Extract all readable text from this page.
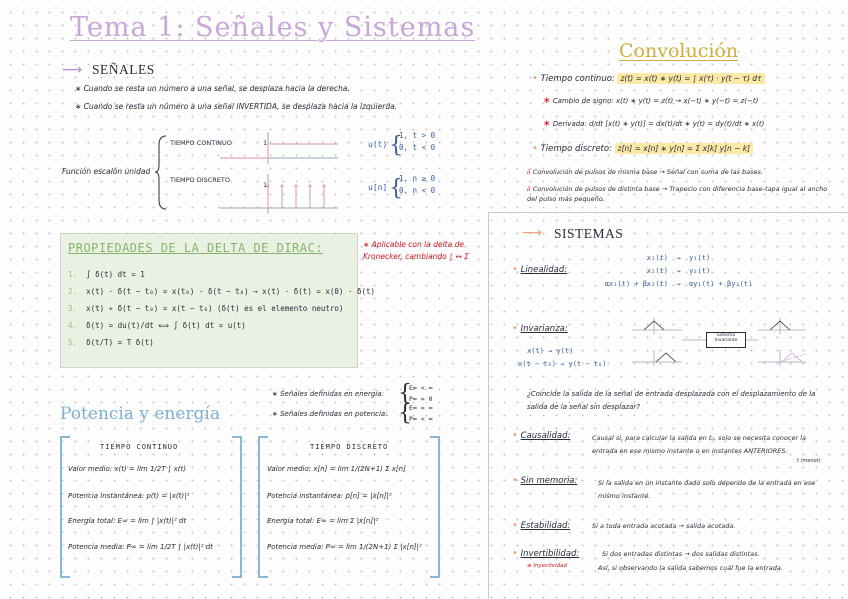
Tema 1: Señales y Sistemas
⟶ SEÑALES
∗ Cuando se resta un número a una señal, se desplaza hacia la derecha.
∗ Cuando se resta un número a una señal INVERTIDA, se desplaza hacia la izquierda.
Función escalón unidad
TIEMPO CONTINUO
TIEMPO DISCRETO
1
1
u(t) {
1, t > 0
0, t < 0
u[n] {
1, n ≥ 0
0, n < 0
PROPIEDADES DE LA DELTA DE DIRAC:
1. ∫ δ(t) dt = 1
2. x(t) · δ(t − t₀) = x(t₀) · δ(t − t₀) → x(t) · δ(t) = x(0) · δ(t)
3. x(t) ∗ δ(t − t₀) = x(t − t₀) (δ(t) es el elemento neutro)
4. δ(t) = du(t)/dt ⟺ ∫ δ(t) dt = u(t)
5. δ(t/T) = T δ(t)
∗ Aplicable con la delta de Kronecker, cambiando ∫ ↔ Σ
Potencia y energía
∗ Señales definidas en energía: {
E∞ < ∞
P∞ = 0
∗ Señales definidas en potencia: {
E∞ = ∞
P∞ < ∞
TIEMPO CONTINUO
Valor medio: x(t) = lim 1/2T ∫ x(t)
Potencia instantánea: p(t) = |x(t)|²
Energía total: E∞ = lim ∫ |x(t)|² dt
Potencia media: P∞ = lim 1/2T ∫ |x(t)|² dt
TIEMPO DISCRETO
Valor medio: x[n] = lim 1/(2N+1) Σ x[n]
Potencia instantánea: p[n] = |x[n]|²
Energía total: E∞ = lim Σ |x[n]|²
Potencia media: P∞ = lim 1/(2N+1) Σ |x[n]|²
Convolución
• Tiempo continuo: z(t) = x(t) ∗ y(t) = ∫ x(τ) · y(t − τ) dτ
∗ Cambio de signo: x(t) ∗ y(t) = z(t) → x(−t) ∗ y(−t) = z(−t)
∗ Derivada: d/dt [x(t) ∗ y(t)] = dx(t)/dt ∗ y(t) = dy(t)/dt ∗ x(t)
• Tiempo discreto: z[n] = x[n] ∗ y[n] = Σ x[k] y[n − k]
ii Convolución de pulsos de misma base → Señal con suma de las bases.
ii Convolución de pulsos de distinta base → Trapecio con diferencia base-tapa igual al ancho del pulso más pequeño.
⟶ SISTEMAS
• Linealidad:
x₁(t) → y₁(t)
x₂(t) → y₂(t)
αx₁(t) + βx₂(t) → αy₁(t) + βy₂(t)
• Invarianza:
x(t) → y(t)
x(t − t₀) → y(t − t₀)
Sistema Invariante
¿Coincide la salida de la señal de entrada desplazada con el desplazamiento de la salida de la señal sin desplazar?
• Causalidad:	Causal si, para calcular la salida en t₀, solo se necesita conocer la entrada en ese mismo instante o en instantes ANTERIORES.
t (menor)
• Sin memoria:	Si la salida en un instante dado solo depende de la entrada en ese mismo instante.
• Estabilidad:	Si a toda entrada acotada → salida acotada.
• Invertibilidad:	Si dos entradas distintas → dos salidas distintas.
≡ Inyectividad	Así, si observando la salida sabemos cuál fue la entrada.
